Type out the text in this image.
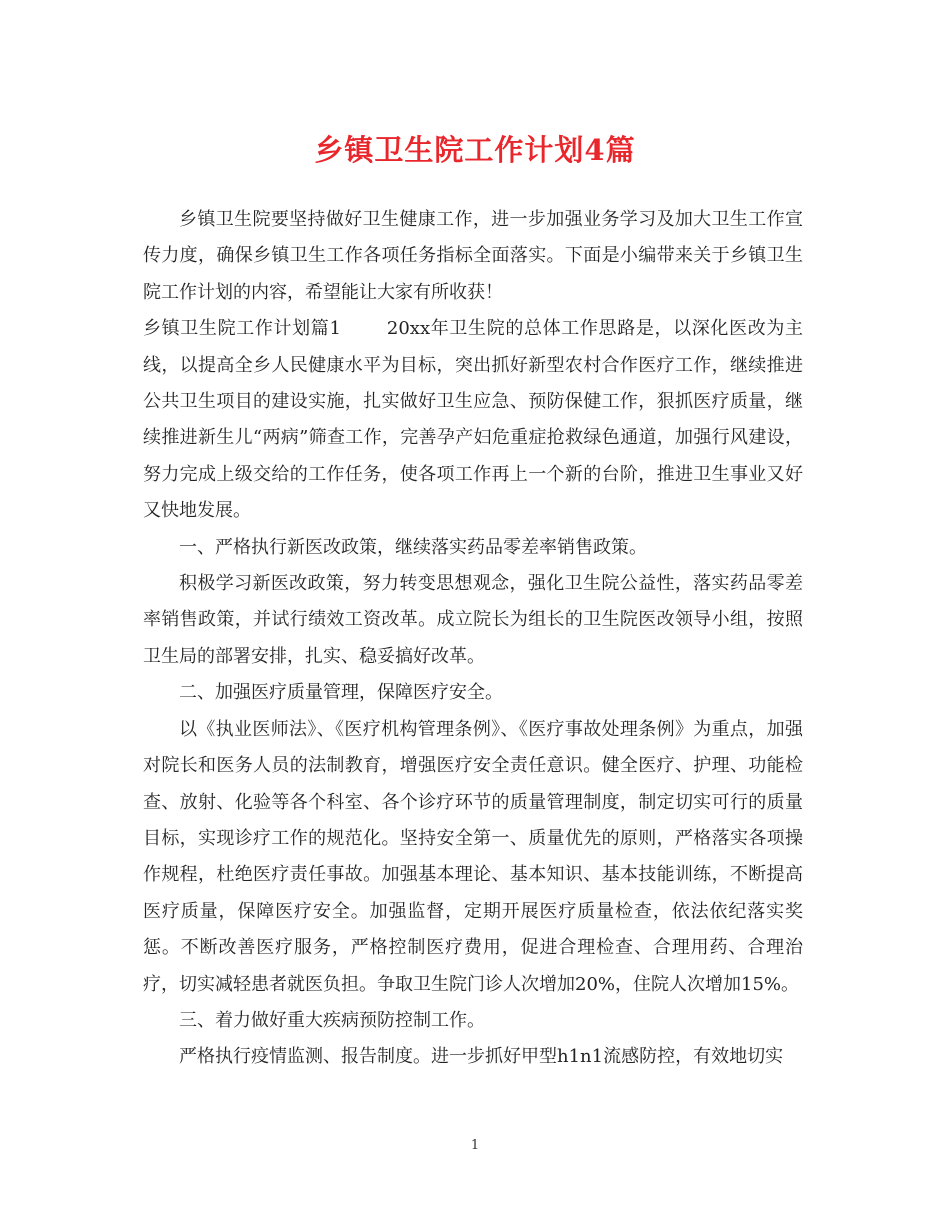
乡镇卫生院工作计划4篇

乡镇卫生院要坚持做好卫生健康工作，进一步加强业务学习及加大卫生工作宣传力度，确保乡镇卫生工作各项任务指标全面落实。下面是小编带来关于乡镇卫生院工作计划的内容，希望能让大家有所收获！

乡镇卫生院工作计划篇1	20xx年卫生院的总体工作思路是，以深化医改为主线，以提高全乡人民健康水平为目标，突出抓好新型农村合作医疗工作，继续推进公共卫生项目的建设实施，扎实做好卫生应急、预防保健工作，狠抓医疗质量，继续推进新生儿“两病”筛查工作，完善孕产妇危重症抢救绿色通道，加强行风建设，努力完成上级交给的工作任务，使各项工作再上一个新的台阶，推进卫生事业又好又快地发展。

一、严格执行新医改政策，继续落实药品零差率销售政策。

积极学习新医改政策，努力转变思想观念，强化卫生院公益性，落实药品零差率销售政策，并试行绩效工资改革。成立院长为组长的卫生院医改领导小组，按照卫生局的部署安排，扎实、稳妥搞好改革。

二、加强医疗质量管理，保障医疗安全。

以《执业医师法》、《医疗机构管理条例》、《医疗事故处理条例》为重点，加强对院长和医务人员的法制教育，增强医疗安全责任意识。健全医疗、护理、功能检查、放射、化验等各个科室、各个诊疗环节的质量管理制度，制定切实可行的质量目标，实现诊疗工作的规范化。坚持安全第一、质量优先的原则，严格落实各项操作规程，杜绝医疗责任事故。加强基本理论、基本知识、基本技能训练，不断提高医疗质量，保障医疗安全。加强监督，定期开展医疗质量检查，依法依纪落实奖惩。不断改善医疗服务，严格控制医疗费用，促进合理检查、合理用药、合理治疗，切实减轻患者就医负担。争取卫生院门诊人次增加20%，住院人次增加15%。

三、着力做好重大疾病预防控制工作。

严格执行疫情监测、报告制度。进一步抓好甲型h1n1流感防控，有效地切实

1
